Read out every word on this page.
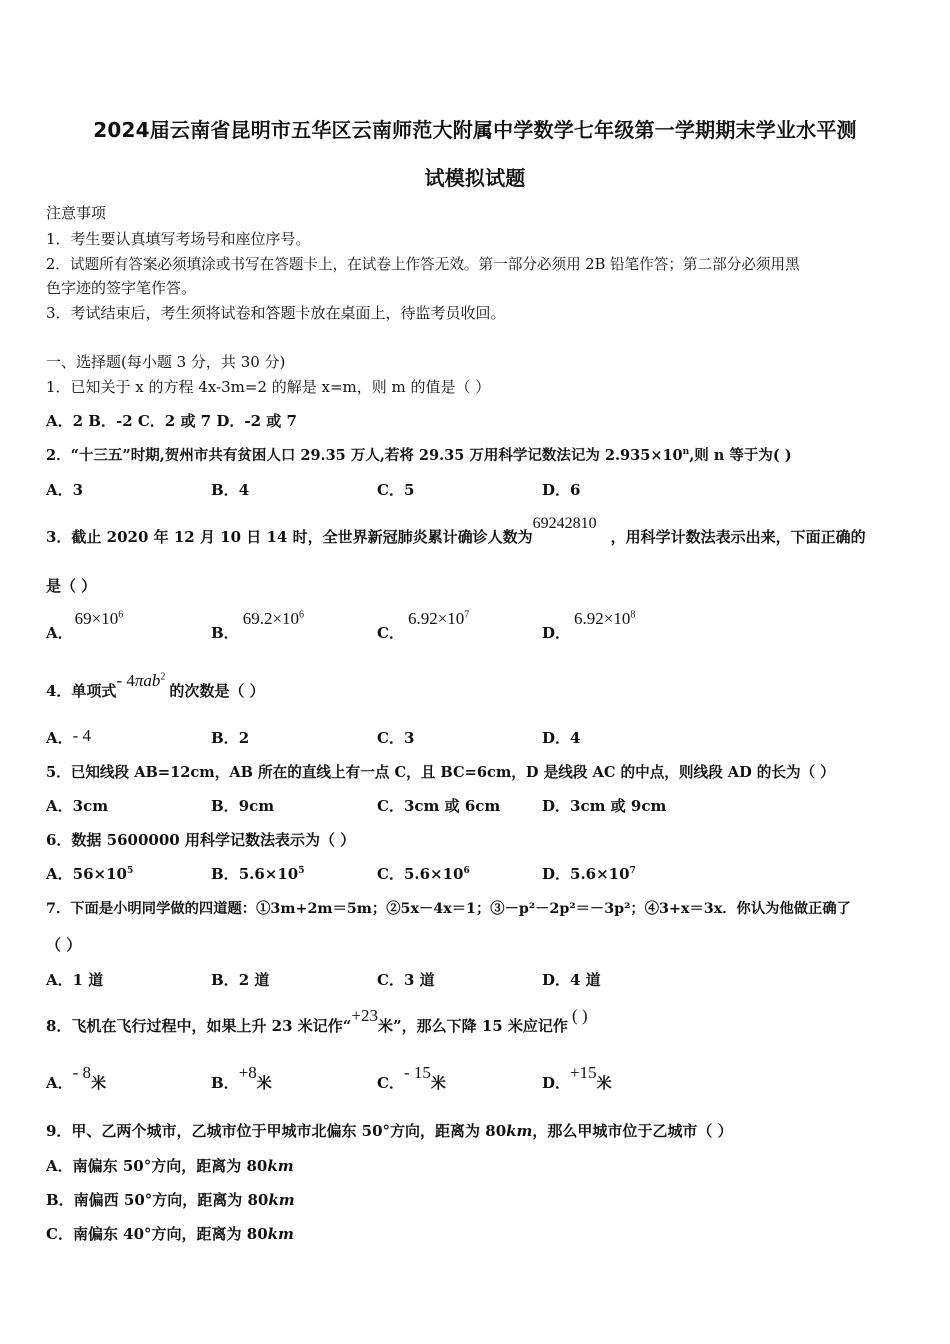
2024届云南省昆明市五华区云南师范大附属中学数学七年级第一学期期末学业水平测
试模拟试题
注意事项
1．考生要认真填写考场号和座位序号。
2．试题所有答案必须填涂或书写在答题卡上，在试卷上作答无效。第一部分必须用 2B 铅笔作答；第二部分必须用黑
色字迹的签字笔作答。
3．考试结束后，考生须将试卷和答题卡放在桌面上，待监考员收回。
一、选择题(每小题 3 分，共 30 分)
1．已知关于 x 的方程 4x-3m=2 的解是 x=m，则 m 的值是（ ）
A．2 B．-2 C．2 或 7 D．-2 或 7
2．“十三五”时期,贺州市共有贫困人口 29.35 万人,若将 29.35 万用科学记数法记为 $2.935\times 10^n$,则 n 等于为( )
A．3	B．4	C．5	D．6
3．截止 2020 年 12 月 10 日 14 时，全世界新冠肺炎累计确诊人数为69242810，用科学计数法表示出来，下面正确的
是（ ）
A．$69\times 10^6$
B．$69.2\times 10^6$
C．$6.92\times 10^7$
D．$6.92\times 10^8$
4．单项式- 4πab$^2$的次数是（ ）
A．- 4	B．2	C．3	D．4
5．已知线段 AB=12cm，AB 所在的直线上有一点 C，且 BC=6cm，D 是线段 AC 的中点，则线段 AD 的长为（ ）
A．3cm	B．9cm	C．3cm 或 6cm	D．3cm 或 9cm
6．数据 5600000 用科学记数法表示为（ ）
A．$56\times 10^5$	B．$5.6\times 10^5$	C．$5.6\times 10^6$	D．$5.6\times 10^7$
7．下面是小明同学做的四道题：①3m+2m＝5m；②5x－4x＝1；③－p²－2p²＝－3p²；④3+x＝3x．你认为他做正确了
（ ）
A．1 道	B．2 道	C．3 道	D．4 道
8．飞机在飞行过程中，如果上升 23 米记作“+23米”，那么下降 15 米应记作( )
A．- 8米	B．+8米	C．- 15米	D．+15米
9．甲、乙两个城市，乙城市位于甲城市北偏东 50°方向，距离为 80km，那么甲城市位于乙城市（ ）
A．南偏东 50°方向，距离为 80km
B．南偏西 50°方向，距离为 80km
C．南偏东 40°方向，距离为 80km
